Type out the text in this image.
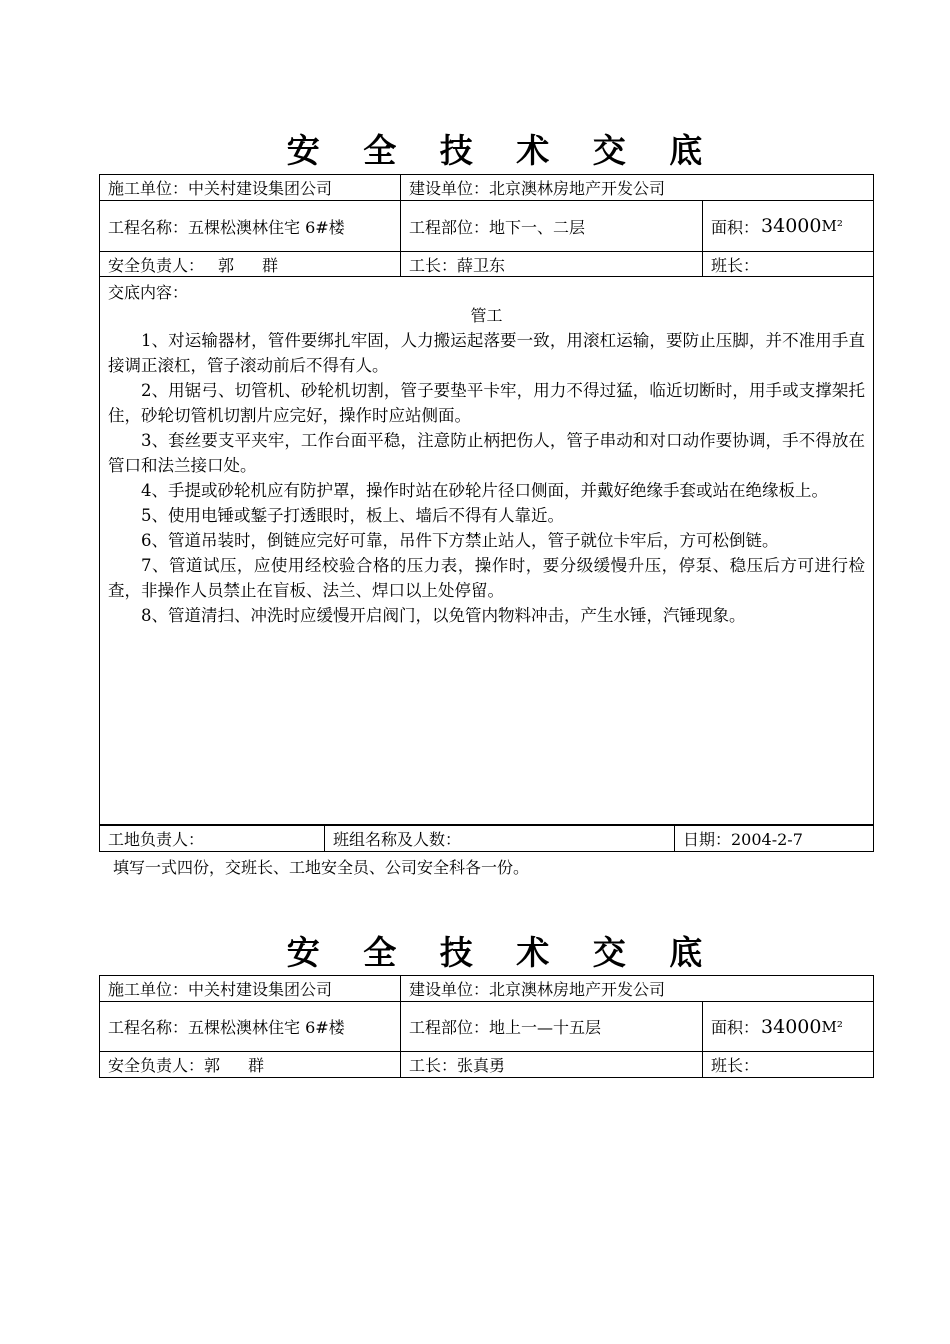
安 全 技 术 交 底
施工单位：中关村建设集团公司	建设单位：北京澳林房地产开发公司
工程名称：五棵松澳林住宅 6#楼	工程部位：地下一、二层	面积： 34000 M²
安全负责人： 郭 群	工长：薛卫东	班长：
交底内容：
管工

1、对运输器材，管件要绑扎牢固，人力搬运起落要一致，用滚杠运输，要防止压脚，并不准用手直接调正滚杠，管子滚动前后不得有人。

2、用锯弓、切管机、砂轮机切割，管子要垫平卡牢，用力不得过猛，临近切断时，用手或支撑架托住，砂轮切管机切割片应完好，操作时应站侧面。

3、套丝要支平夹牢，工作台面平稳，注意防止柄把伤人，管子串动和对口动作要协调，手不得放在管口和法兰接口处。

4、手提或砂轮机应有防护罩，操作时站在砂轮片径口侧面，并戴好绝缘手套或站在绝缘板上。

5、使用电锤或錾子打透眼时，板上、墙后不得有人靠近。

6、管道吊装时，倒链应完好可靠，吊件下方禁止站人，管子就位卡牢后，方可松倒链。

7、管道试压，应使用经校验合格的压力表，操作时，要分级缓慢升压，停泵、稳压后方可进行检查，非操作人员禁止在盲板、法兰、焊口以上处停留。

8、管道清扫、冲洗时应缓慢开启阀门，以免管内物料冲击，产生水锤，汽锤现象。

工地负责人：	班组名称及人数：	日期：2004-2-7
填写一式四份，交班长、工地安全员、公司安全科各一份。
安 全 技 术 交 底
施工单位：中关村建设集团公司	建设单位：北京澳林房地产开发公司
工程名称：五棵松澳林住宅 6#楼	工程部位：地上一—十五层	面积： 34000 M²
安全负责人： 郭 群	工长：张真勇	班长：
